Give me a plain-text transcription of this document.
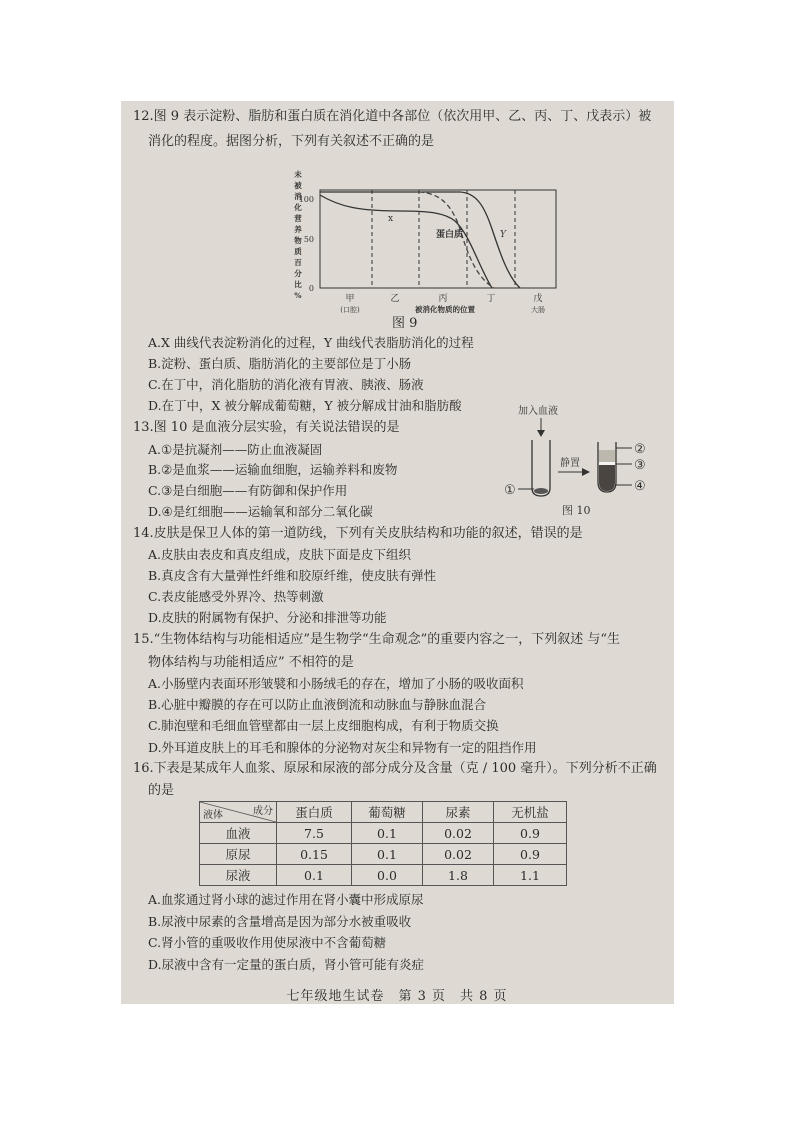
12.图 9 表示淀粉、脂肪和蛋白质在消化道中各部位（依次用甲、乙、丙、丁、戊表示）被
消化的程度。据图分析，下列有关叙述不正确的是
未
被
消
化
营
养
物
质
百
分
比
%
100
50
0
x
蛋白质	Y
甲	乙	丙	丁	戊
(口腔)	大肠
被消化物质的位置
图 9
A.X 曲线代表淀粉消化的过程，Y 曲线代表脂肪消化的过程
B.淀粉、蛋白质、脂肪消化的主要部位是丁小肠
C.在丁中，消化脂肪的消化液有胃液、胰液、肠液
D.在丁中，X 被分解成葡萄糖，Y 被分解成甘油和脂肪酸
13.图 10 是血液分层实验，有关说法错误的是
A.①是抗凝剂——防止血液凝固
B.②是血浆——运输血细胞，运输养料和废物
C.③是白细胞——有防御和保护作用
D.④是红细胞——运输氧和部分二氧化碳
加入血液
①
静置
②
③
④
图 10
14.皮肤是保卫人体的第一道防线，下列有关皮肤结构和功能的叙述，错误的是
A.皮肤由表皮和真皮组成，皮肤下面是皮下组织
B.真皮含有大量弹性纤维和胶原纤维，使皮肤有弹性
C.表皮能感受外界冷、热等刺激
D.皮肤的附属物有保护、分泌和排泄等功能
15.“生物体结构与功能相适应”是生物学“生命观念”的重要内容之一，下列叙述 与“生
物体结构与功能相适应” 不相符的是
A.小肠壁内表面环形皱襞和小肠绒毛的存在，增加了小肠的吸收面积
B.心脏中瓣膜的存在可以防止血液倒流和动脉血与静脉血混合
C.肺泡壁和毛细血管壁都由一层上皮细胞构成，有利于物质交换
D.外耳道皮肤上的耳毛和腺体的分泌物对灰尘和异物有一定的阻挡作用
16.下表是某成年人血浆、原尿和尿液的部分成分及含量（克 / 100 毫升）。下列分析不正确
的是
液体 成分	蛋白质	葡萄糖	尿素	无机盐
血液	7.5	0.1	0.02	0.9
原尿	0.15	0.1	0.02	0.9
尿液	0.1	0.0	1.8	1.1
A.血浆通过肾小球的滤过作用在肾小囊中形成原尿
B.尿液中尿素的含量增高是因为部分水被重吸收
C.肾小管的重吸收作用使尿液中不含葡萄糖
D.尿液中含有一定量的蛋白质，肾小管可能有炎症
七年级地生试卷　第 3 页　共 8 页
